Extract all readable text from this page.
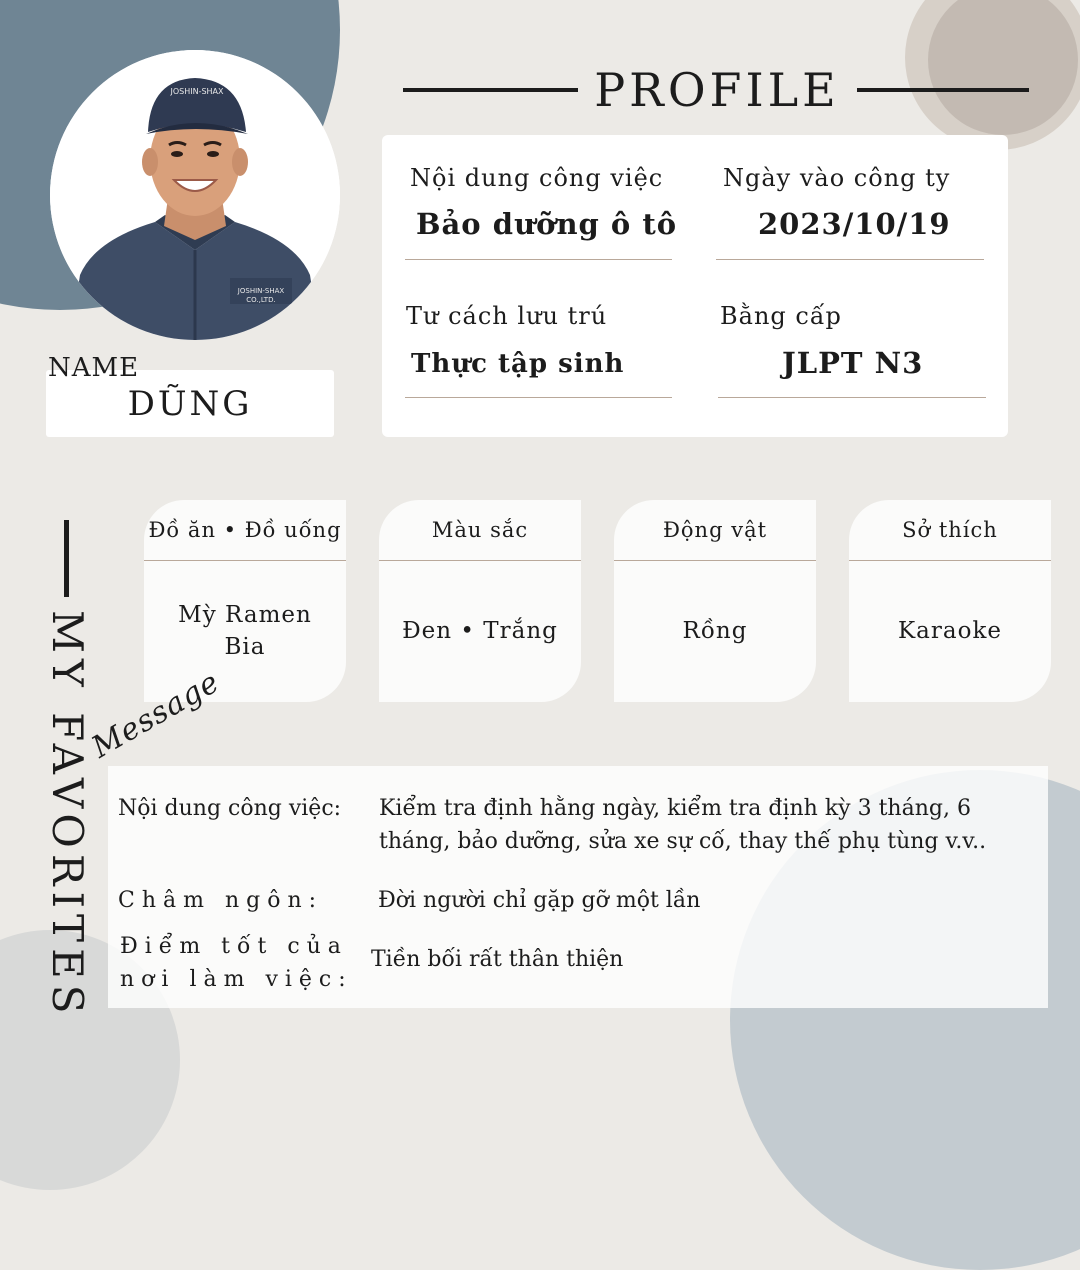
JOSHIN-SHAX
JOSHIN-SHAX
CO.,LTD.
PROFILE
Nội dung công việc
Bảo dưỡng ô tô
Ngày vào công ty
2023/10/19
Tư cách lưu trú
Thực tập sinh
Bằng cấp
JLPT N3
DŨNG
NAME
MY FAVORITES
Đồ ăn • Đồ uống
Mỳ Ramen
Bia
Màu sắc
Đen • Trắng
Động vật
Rồng
Sở thích
Karaoke
Nội dung công việc: Kiểm tra định hằng ngày, kiểm tra định kỳ 3 tháng, 6 tháng, bảo dưỡng, sửa xe sự cố, thay thế phụ tùng v.v..
Châm ngôn: Đời người chỉ gặp gỡ một lần
Điểm tốt của
nơi làm việc:
Tiền bối rất thân thiện
Message
